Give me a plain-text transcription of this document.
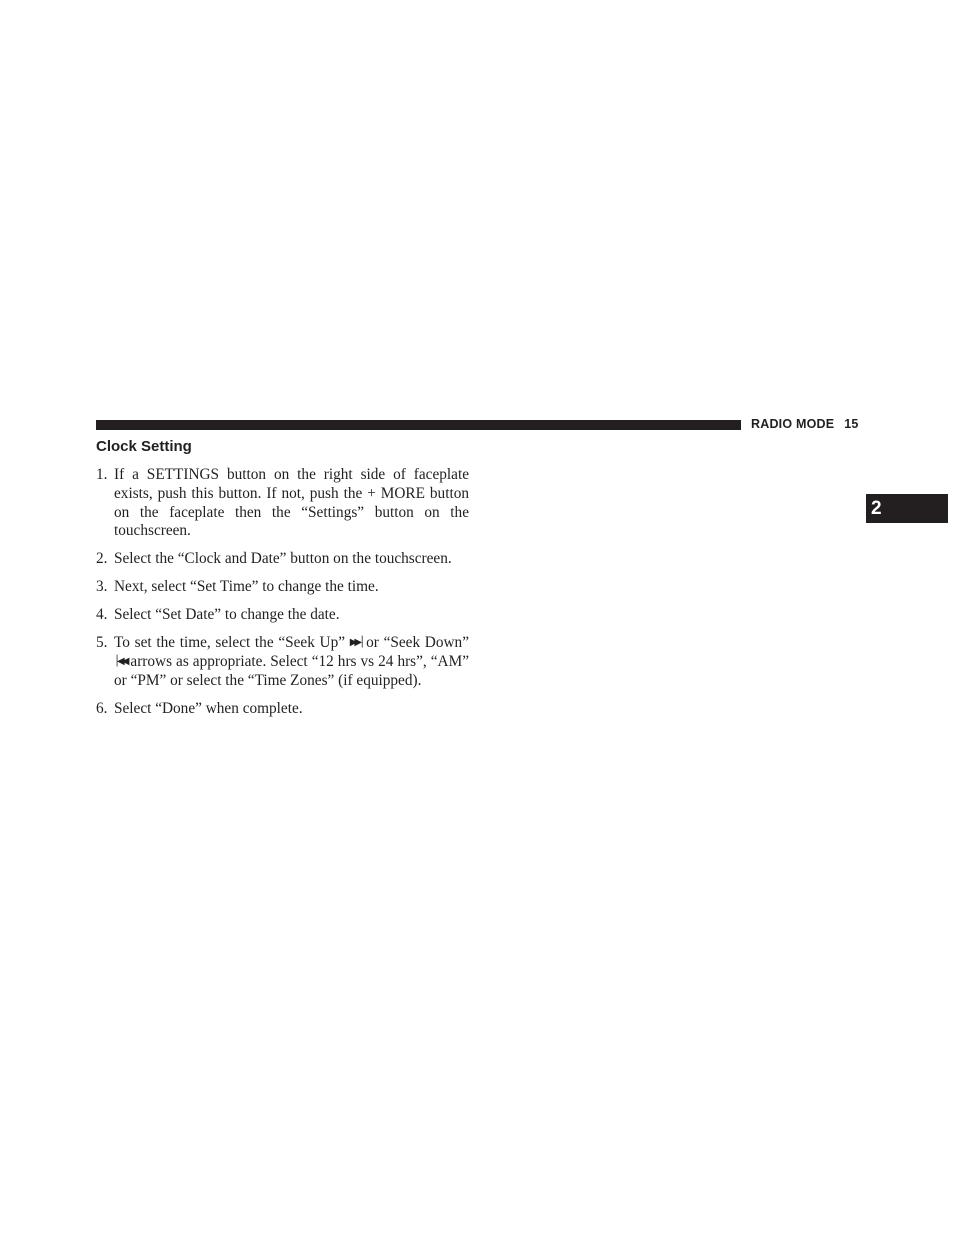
RADIO MODE 15
2
Clock Setting
1. If a SETTINGS button on the right side of faceplate exists, push this button. If not, push the + MORE button on the faceplate then the “Settings” button on the touchscreen.
2. Select the “Clock and Date” button on the touchscreen.
3. Next, select “Set Time” to change the time.
4. Select “Set Date” to change the date.
5. To set the time, select the “Seek Up” ▶▶│ or “Seek Down” │◀◀ arrows as appropriate. Select “12 hrs vs 24 hrs”, “AM” or “PM” or select the “Time Zones” (if equipped).
6. Select “Done” when complete.
